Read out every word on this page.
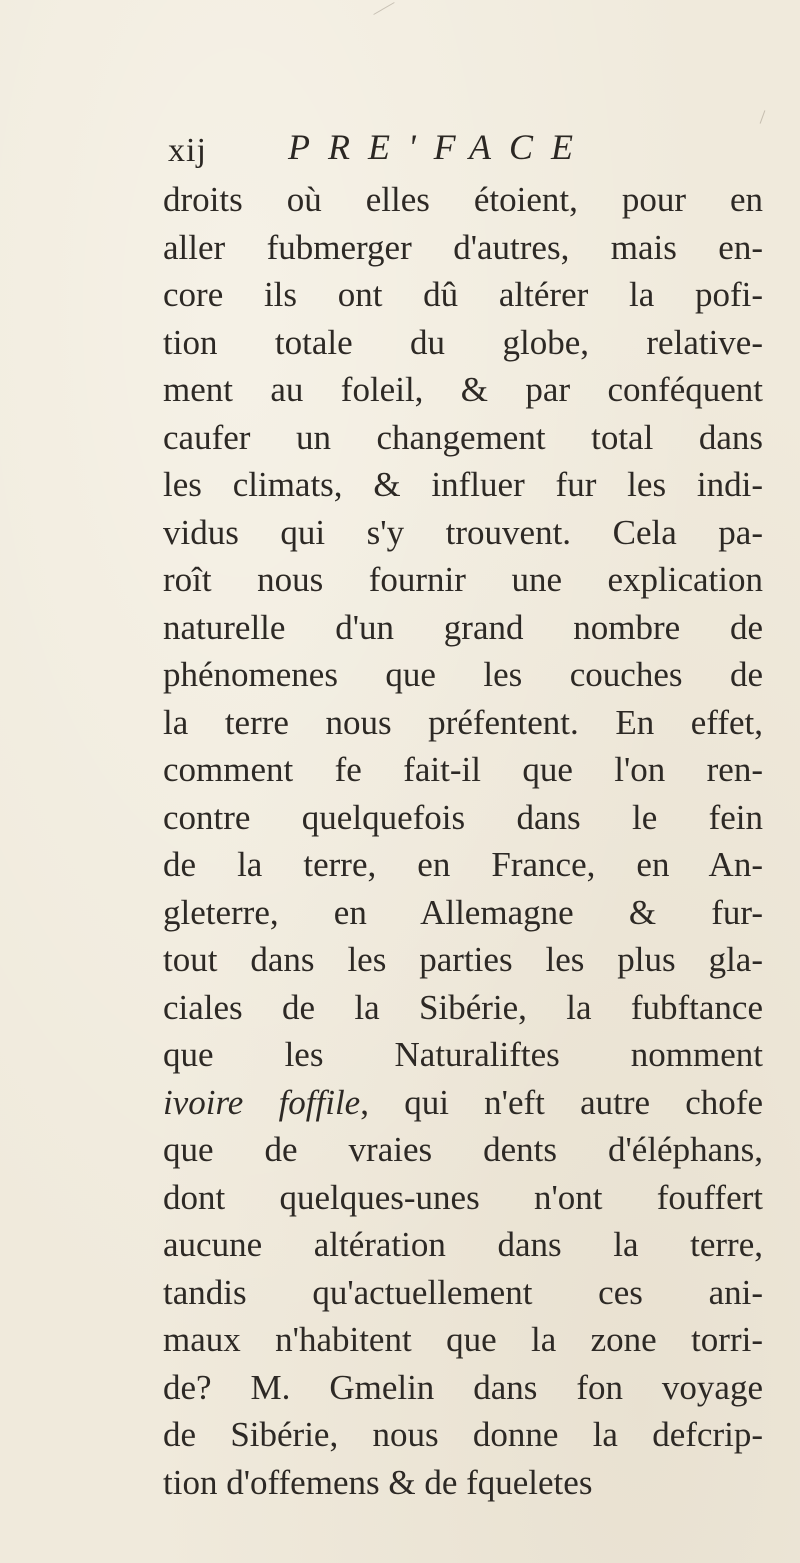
xij PRE'FACE
droits où elles étoient, pour en
aller fubmerger d'autres, mais en-
core ils ont dû altérer la pofi-
tion totale du globe, relative-
ment au foleil, & par conféquent
caufer un changement total dans
les climats, & influer fur les indi-
vidus qui s'y trouvent. Cela pa-
roît nous fournir une explication
naturelle d'un grand nombre de
phénomenes que les couches de
la terre nous préfentent. En effet,
comment fe fait-il que l'on ren-
contre quelquefois dans le fein
de la terre, en France, en An-
gleterre, en Allemagne & fur-
tout dans les parties les plus gla-
ciales de la Sibérie, la fubftance
que les Naturaliftes nomment
ivoire foffile, qui n'eft autre chofe
que de vraies dents d'éléphans,
dont quelques-unes n'ont fouffert
aucune altération dans la terre,
tandis qu'actuellement ces ani-
maux n'habitent que la zone torri-
de? M. Gmelin dans fon voyage
de Sibérie, nous donne la defcrip-
tion d'offemens & de fqueletes
